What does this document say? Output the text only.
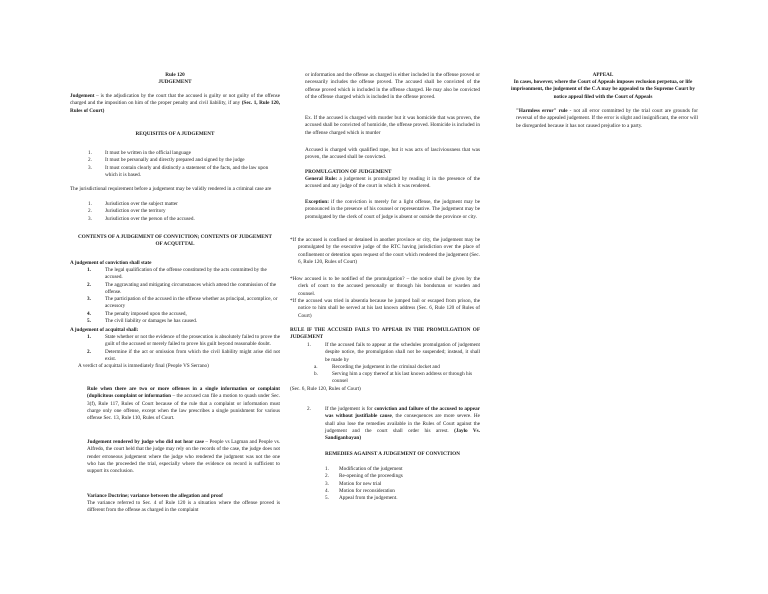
Rule 120
JUDGEMENT

Judgement – is the adjudication by the court that the accused is guilty or not guilty of the offense charged and the imposition on him of the proper penalty and civil liability, if any (Sec. 1, Rule 120, Rules of Court)

REQUISITES OF A JUDGEMENT
1.	It must be written in the official language
2.	It must be personally and directly prepared and signed by the judge
3.	It must contain clearly and distinctly a statement of the facts, and the law upon which it is based.

The jurisdictional requirement before a judgement may be validly rendered in a criminal case are

1.	Jurisdiction over the subject matter
2.	Jurisdiction over the territory
3.	Jurisdiction over the person of the accused.
CONTENTS OF A JUDGEMENT OF CONVICTION; CONTENTS OF JUDGEMENT OF ACQUITTAL
A judgement of conviction shall state
1.	The legal qualification of the offense constituted by the acts committed by the accused.
2.	The aggravating and mitigating circumstances which attend the commission of the offense.
3.	The participation of the accused in the offense whether as principal, accomplice, or accessory
4.	The penalty imposed upon the accused,
5.	The civil liability or damages he has caused.
A judgement of acquittal shall:
1.	State whether or not the evidence of the prosecution is absolutely failed to prove the guilt of the accused or merely failed to prove his guilt beyond reasonable doubt.
2.	Determine if the act or omission from which the civil liability might arise did not exist.
A verdict of acquittal is immediately final (People VS Serrano)

Rule when there are two or more offenses in a single information or complaint (duplicitous complaint or information – the accused can file a motion to quash under Sec. 3(f), Rule 117, Rules of Court because of the rule that a complaint or information must charge only one offense, except when the law prescribes a single punishment for various offense Sec. 13, Rule 110, Rules of Court.

Judgement rendered by judge who did not hear case – People vs Lagman and People vs. Alfredo, the court held that the judge may rely on the records of the case, the judge does not render erroneous judgement where the judge who rendered the judgment was not the one who has the proceeded the trial, especially where the evidence on record is sufficient to support its conclusion.

Variance Doctrine; variance between the allegation and proof

The variance referred to Sec. 4 of Rule 120 is a situation where the offense proved is different from the offense as charged in the complaint

or information and the offense as charged is either included in the offense proved or necessarily includes the offense proved. The accused shall be convicted of the offense proved which is included in the offense charged. He may also be convicted of the offense charged which is included in the offense proved.

Ex. If the accused is charged with murder but it was homicide that was proven, the accused shall be convicted of homicide, the offense proved. Homicide is included in the offense charged which is murder

Accused is charged with qualified rape, but it was acts of lasciviousness that was proven, the accused shall be convicted.

PROMULGATION OF JUDGEMENT

General Rule: a judgement is promulgated by reading it in the presence of the accused and any judge of the court in which it was rendered.

Exception: if the conviction is merely for a light offense, the judgment may be pronounced in the presence of his counsel or representative. The judgement may be promulgated by the clerk of court of judge is absent or outside the province or city.

*If the accused is confined or detained in another province or city, the judgement may be promulgated by the executive judge of the RTC having jurisdiction over the place of confinement or detention upon request of the court which rendered the judgement (Sec. 6, Rule 120, Rules of Court)

*How accused is to be notified of the promulgation? – the notice shall be given by the clerk of court to the accused personally or through his bondsman or warden and counsel.

*If the accused was tried in absentia because he jumped bail or escaped from prison, the notice to him shall be served at his last known address (Sec. 6, Rule 120 of Rules of Court)

RULE IF THE ACCUSED FAILS TO APPEAR IN THE PROMULGATION OF JUDGEMENT
1.	If the accused fails to appear at the schedules promulgation of judgement despite notice, the promulgation shall not be suspended; instead, it shall be made by
a.	Recording the judgement in the criminal docket and
b.	Serving him a copy thereof at his last known address or through his counsel
(Sec. 6, Rule 120, Rules of Court)
2.	If the judgement is for conviction and failure of the accused to appear was without justifiable cause, the consequences are more severe. He shall also lose the remedies available in the Rules of Court against the judgement and the court shall order his arrest. (Jaylo Vs. Sandiganbayan)
REMEDIES AGAINST A JUDGEMENT OF CONVICTION
1.	Modification of the judgement
2.	Re-opening of the proceedings
3.	Motion for new trial
4.	Motion for reconsideration
5.	Appeal from the judgement.
APPEAL

In cases, however, where the Court of Appeals imposes reclusion perpetua, or life imprisonment, the judgement of the C.A may be appealed to the Supreme Court by notice appeal filed with the Court of Appeals

"Harmless error" rule - not all error committed by the trial court are grounds for reversal of the appealed judgement. If the error is slight and insignificant, the error will be disregarded because it has not caused prejudice to a party.
